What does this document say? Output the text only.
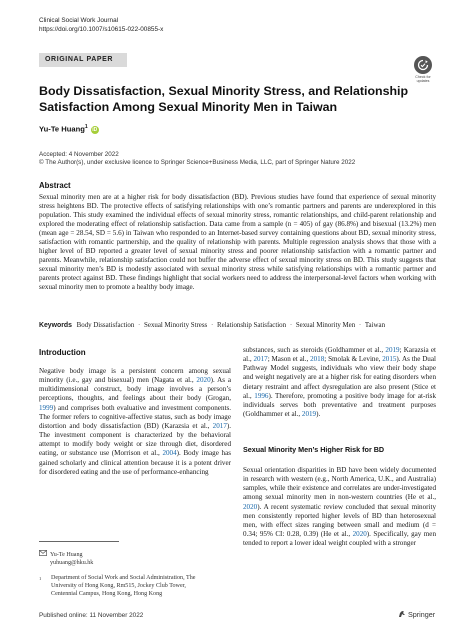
Clinical Social Work Journal
https://doi.org/10.1007/s10615-022-00855-x
ORIGINAL PAPER
Check for updates
Body Dissatisfaction, Sexual Minority Stress, and Relationship Satisfaction Among Sexual Minority Men in Taiwan
Yu-Te Huang$^1$ iD
Accepted: 4 November 2022
© The Author(s), under exclusive licence to Springer Science+Business Media, LLC, part of Springer Nature 2022
Abstract
Sexual minority men are at a higher risk for body dissatisfaction (BD). Previous studies have found that experience of sexual minority stress heightens BD. The protective effects of satisfying relationships with one’s romantic partners and parents are underexplored in this population. This study examined the individual effects of sexual minority stress, romantic relationships, and child-parent relationship and explored the moderating effect of relationship satisfaction. Data came from a sample (n = 405) of gay (86.8%) and bisexual (13.2%) men (mean age = 28.54, SD = 5.6) in Taiwan who responded to an Internet-based survey containing questions about BD, sexual minority stress, satisfaction with romantic partnership, and the quality of relationship with parents. Multiple regression analysis shows that those with a higher level of BD reported a greater level of sexual minority stress and poorer relationship satisfaction with a romantic partner and parents. Meanwhile, relationship satisfaction could not buffer the adverse effect of sexual minority stress on BD. This study suggests that sexual minority men’s BD is modestly associated with sexual minority stress while satisfying relationships with a romantic partner and parents protect against BD. These findings highlight that social workers need to address the interpersonal-level factors when working with sexual minority men to promote a healthy body image.
Keywords Body Dissatisfaction · Sexual Minority Stress · Relationship Satisfaction · Sexual Minority Men · Taiwan
Introduction
Negative body image is a persistent concern among sexual minority (i.e., gay and bisexual) men (Nagata et al., 2020). As a multidimensional construct, body image involves a person’s perceptions, thoughts, and feelings about their body (Grogan, 1999) and comprises both evaluative and investment components. The former refers to cognitive-affective status, such as body image distortion and body dissatisfaction (BD) (Karazsia et al., 2017). The investment component is characterized by the behavioral attempt to modify body weight or size through diet, disordered eating, or substance use (Morrison et al., 2004). Body image has gained scholarly and clinical attention because it is a potent driver for disordered eating and the use of performance-enhancing
substances, such as steroids (Goldhammer et al., 2019; Karazsia et al., 2017; Mason et al., 2018; Smolak & Levine, 2015). As the Dual Pathway Model suggests, individuals who view their body shape and weight negatively are at a higher risk for eating disorders when dietary restraint and affect dysregulation are also present (Stice et al., 1996). Therefore, promoting a positive body image for at-risk individuals serves both preventative and treatment purposes (Goldhammer et al., 2019).
Sexual Minority Men’s Higher Risk for BD
Sexual orientation disparities in BD have been widely documented in research with western (e.g., North America, U.K., and Australia) samples, while their existence and correlates are under-investigated among sexual minority men in non-western countries (He et al., 2020). A recent systematic review concluded that sexual minority men consistently reported higher levels of BD than heterosexual men, with effect sizes ranging between small and medium (d = 0.34; 95% CI: 0.28, 0.39) (He et al., 2020). Specifically, gay men tended to report a lower ideal weight coupled with a stronger
Yu-Te Huang
yuhuang@hku.hk
1 Department of Social Work and Social Administration, The
University of Hong Kong, Rm515, Jockey Club Tower,
Centennial Campus, Hong Kong, Hong Kong
Published online: 11 November 2022	Springer
